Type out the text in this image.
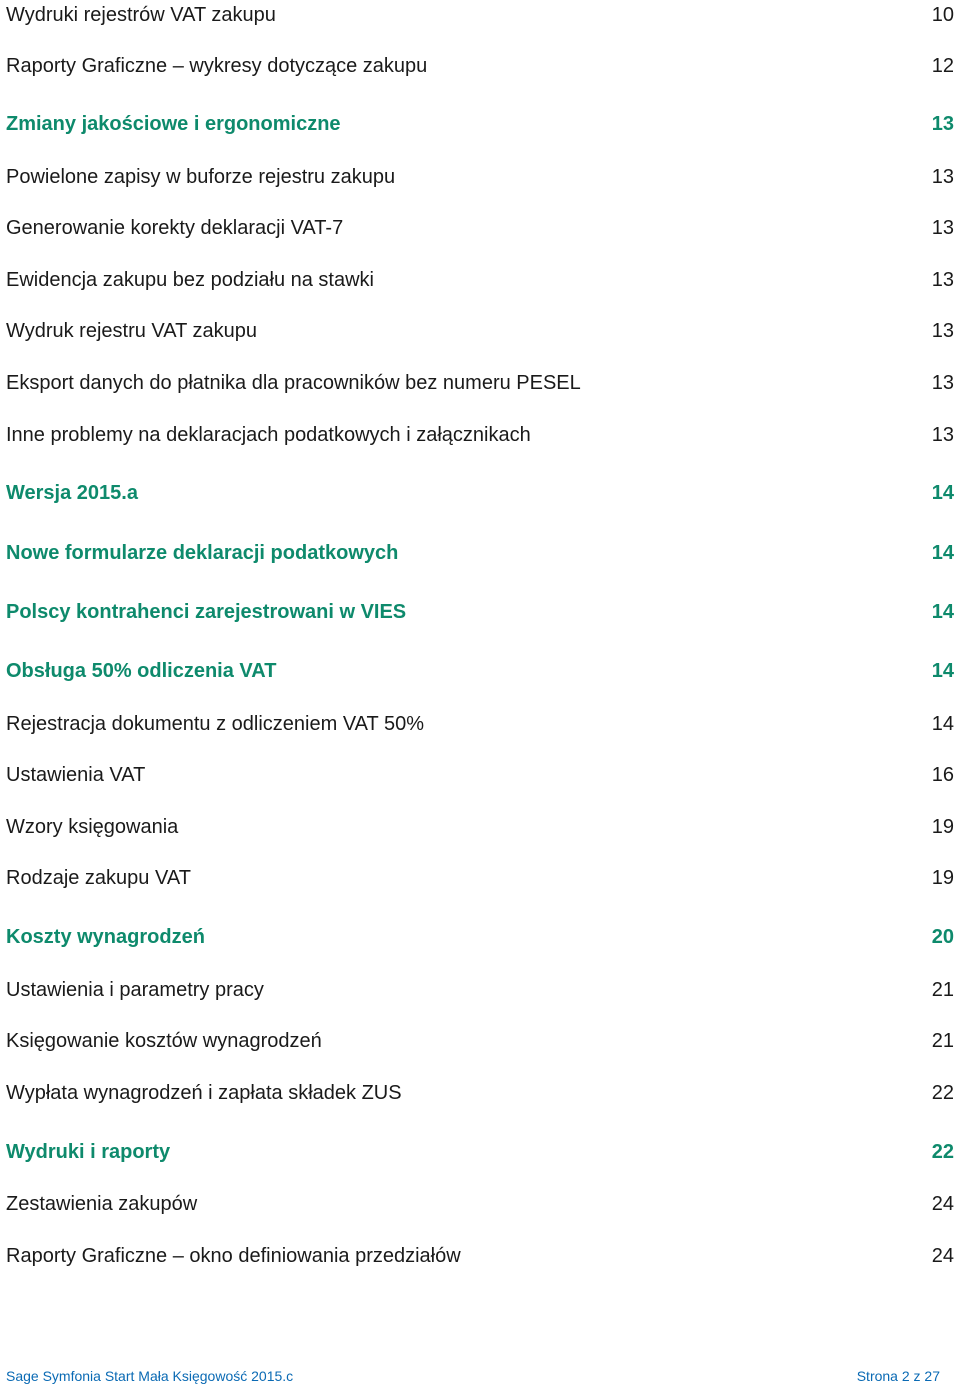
Wydruki rejestrów VAT zakupu	10
Raporty Graficzne – wykresy dotyczące zakupu	12
Zmiany jakościowe i ergonomiczne	13
Powielone zapisy w buforze rejestru zakupu	13
Generowanie korekty deklaracji VAT-7	13
Ewidencja zakupu bez podziału na stawki	13
Wydruk rejestru VAT zakupu	13
Eksport danych do płatnika dla pracowników bez numeru PESEL	13
Inne problemy na deklaracjach podatkowych i załącznikach	13
Wersja 2015.a	14
Nowe formularze deklaracji podatkowych	14
Polscy kontrahenci zarejestrowani w VIES	14
Obsługa 50% odliczenia VAT	14
Rejestracja dokumentu z odliczeniem VAT 50%	14
Ustawienia VAT	16
Wzory księgowania	19
Rodzaje zakupu VAT	19
Koszty wynagrodzeń	20
Ustawienia i parametry pracy	21
Księgowanie kosztów wynagrodzeń	21
Wypłata wynagrodzeń i zapłata składek ZUS	22
Wydruki i raporty	22
Zestawienia zakupów	24
Raporty Graficzne – okno definiowania przedziałów	24
Sage Symfonia Start Mała Księgowość 2015.c	Strona 2 z 27
